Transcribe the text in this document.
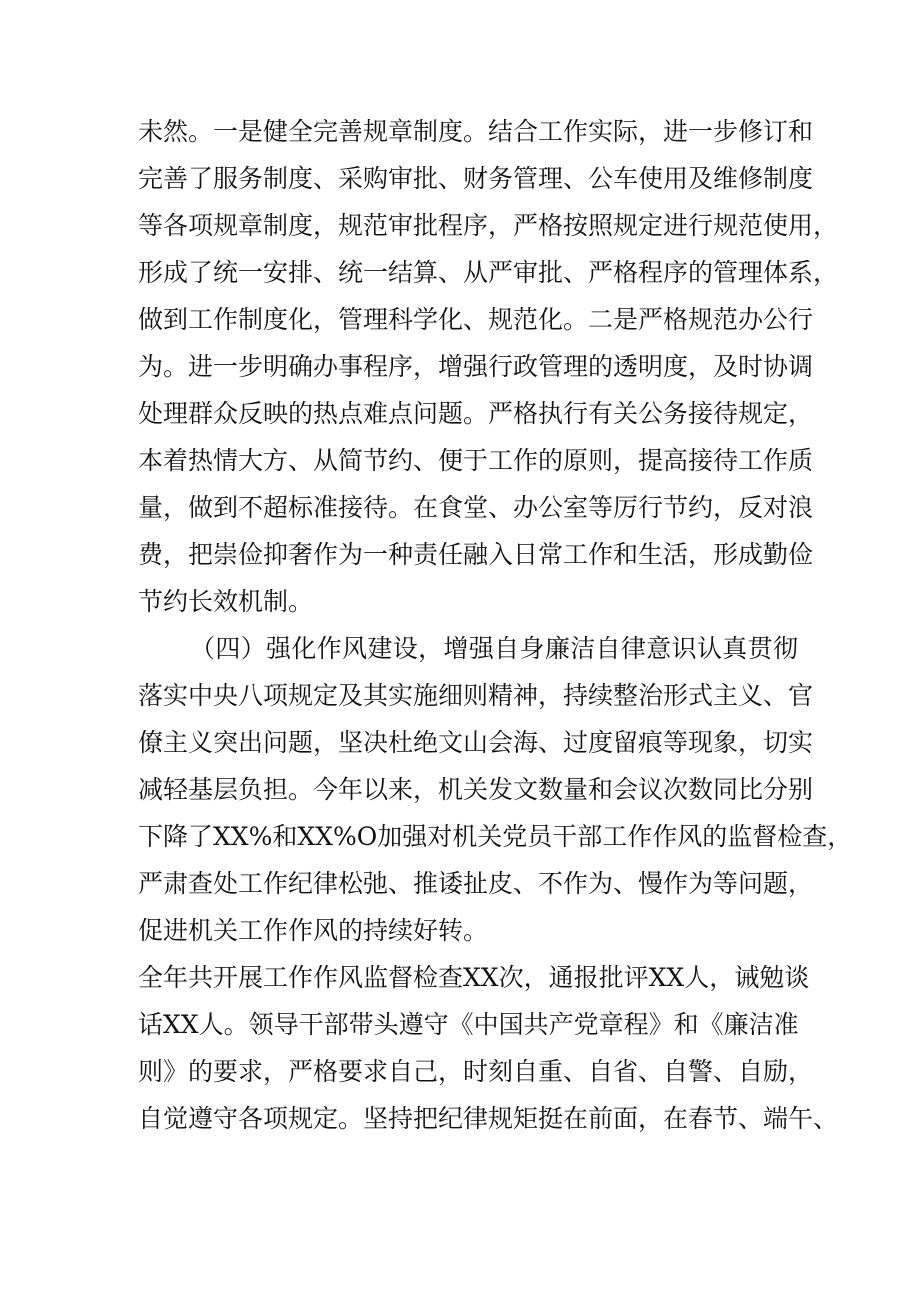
未然。一是健全完善规章制度。结合工作实际，进一步修订和
完善了服务制度、采购审批、财务管理、公车使用及维修制度
等各项规章制度，规范审批程序，严格按照规定进行规范使用，
形成了统一安排、统一结算、从严审批、严格程序的管理体系，
做到工作制度化，管理科学化、规范化。二是严格规范办公行
为。进一步明确办事程序，增强行政管理的透明度，及时协调
处理群众反映的热点难点问题。严格执行有关公务接待规定，
本着热情大方、从简节约、便于工作的原则，提高接待工作质
量，做到不超标准接待。在食堂、办公室等厉行节约，反对浪
费，把崇俭抑奢作为一种责任融入日常工作和生活，形成勤俭
节约长效机制。
（四）强化作风建设，增强自身廉洁自律意识认真贯彻
落实中央八项规定及其实施细则精神，持续整治形式主义、官
僚主义突出问题，坚决杜绝文山会海、过度留痕等现象，切实
减轻基层负担。今年以来，机关发文数量和会议次数同比分别
下降了XX%和XX%O加强对机关党员干部工作作风的监督检查，
严肃查处工作纪律松弛、推诿扯皮、不作为、慢作为等问题，
促进机关工作作风的持续好转。
全年共开展工作作风监督检查XX次，通报批评XX人，诫勉谈
话XX人。领导干部带头遵守《中国共产党章程》和《廉洁准
则》的要求，严格要求自己，时刻自重、自省、自警、自励，
自觉遵守各项规定。坚持把纪律规矩挺在前面，在春节、端午、
